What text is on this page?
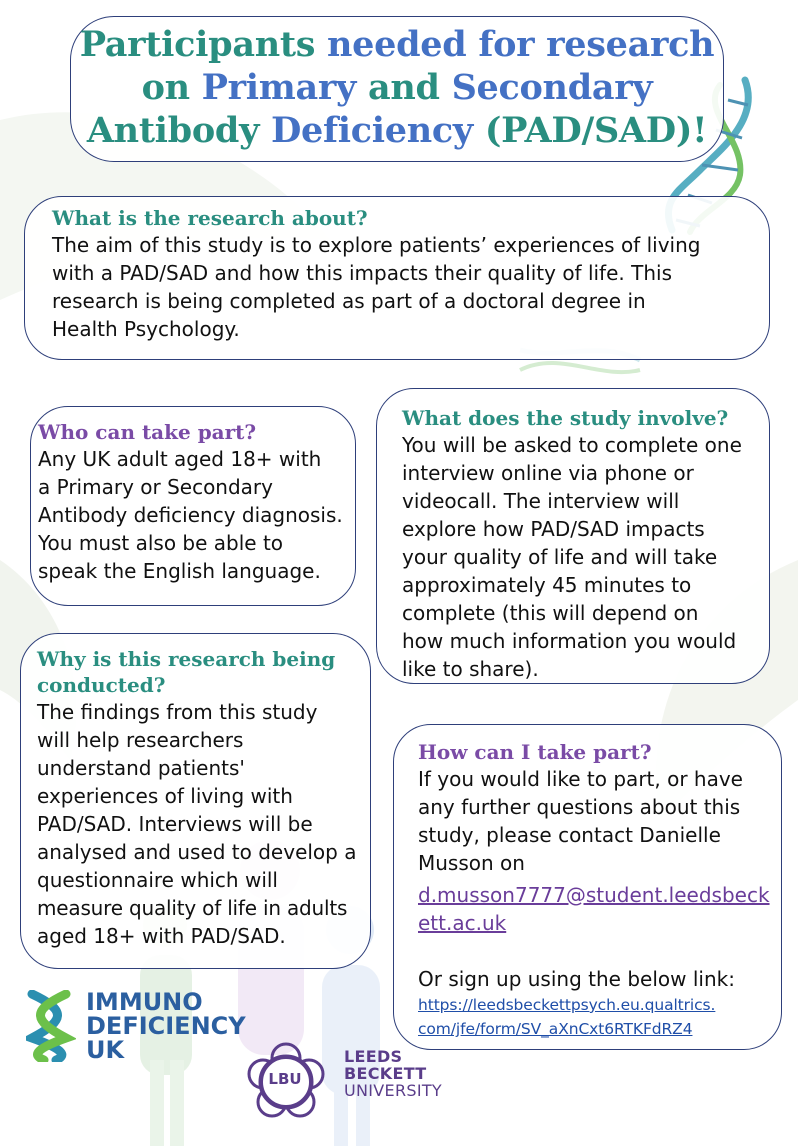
Participants needed for research
on Primary and Secondary
Antibody Deficiency (PAD/SAD)!

What is the research about?

The aim of this study is to explore patients’ experiences of living

with a PAD/SAD and how this impacts their quality of life. This

research is being completed as part of a doctoral degree in

Health Psychology.

Who can take part?

Any UK adult aged 18+ with

a Primary or Secondary

Antibody deficiency diagnosis.

You must also be able to

speak the English language.

What does the study involve?

You will be asked to complete one

interview online via phone or

videocall. The interview will

explore how PAD/SAD impacts

your quality of life and will take

approximately 45 minutes to

complete (this will depend on

how much information you would

like to share).

Why is this research being

conducted?

The findings from this study

will help researchers

understand patients'

experiences of living with

PAD/SAD. Interviews will be

analysed and used to develop a

questionnaire which will

measure quality of life in adults

aged 18+ with PAD/SAD.

How can I take part?

If you would like to part, or have

any further questions about this

study, please contact Danielle

Musson on

d.musson7777@student.leedsbeck
ett.ac.uk

Or sign up using the below link:

https://leedsbeckettpsych.eu.qualtrics.
com/jfe/form/SV_aXnCxt6RTKFdRZ4
IMMUNO
DEFICIENCY
UK
LBU
LEEDS
BECKETT
UNIVERSITY
